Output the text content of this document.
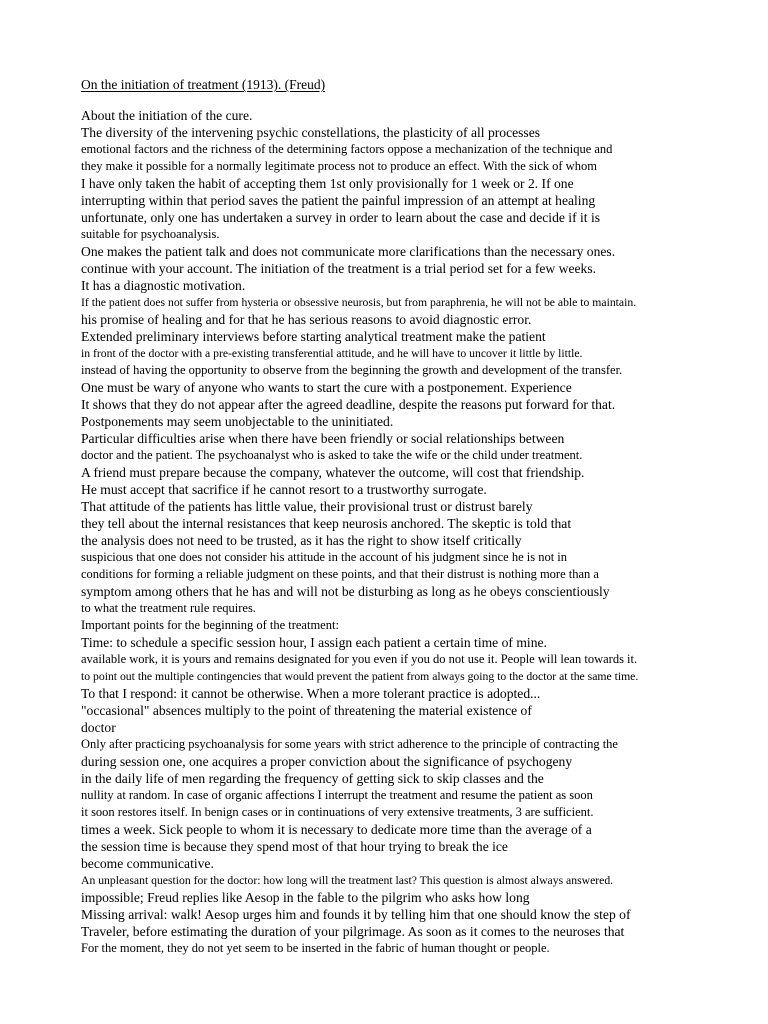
On the initiation of treatment (1913). (Freud)

About the initiation of the cure.
The diversity of the intervening psychic constellations, the plasticity of all processes
emotional factors and the richness of the determining factors oppose a mechanization of the technique and
they make it possible for a normally legitimate process not to produce an effect. With the sick of whom
I have only taken the habit of accepting them 1st only provisionally for 1 week or 2. If one
interrupting within that period saves the patient the painful impression of an attempt at healing
unfortunate, only one has undertaken a survey in order to learn about the case and decide if it is
suitable for psychoanalysis.
One makes the patient talk and does not communicate more clarifications than the necessary ones.
continue with your account. The initiation of the treatment is a trial period set for a few weeks.
It has a diagnostic motivation.
If the patient does not suffer from hysteria or obsessive neurosis, but from paraphrenia, he will not be able to maintain.
his promise of healing and for that he has serious reasons to avoid diagnostic error.
Extended preliminary interviews before starting analytical treatment make the patient
in front of the doctor with a pre-existing transferential attitude, and he will have to uncover it little by little.
instead of having the opportunity to observe from the beginning the growth and development of the transfer.
One must be wary of anyone who wants to start the cure with a postponement. Experience
It shows that they do not appear after the agreed deadline, despite the reasons put forward for that.
Postponements may seem unobjectable to the uninitiated.
Particular difficulties arise when there have been friendly or social relationships between
doctor and the patient. The psychoanalyst who is asked to take the wife or the child under treatment.
A friend must prepare because the company, whatever the outcome, will cost that friendship.
He must accept that sacrifice if he cannot resort to a trustworthy surrogate.
That attitude of the patients has little value, their provisional trust or distrust barely
they tell about the internal resistances that keep neurosis anchored. The skeptic is told that
the analysis does not need to be trusted, as it has the right to show itself critically
suspicious that one does not consider his attitude in the account of his judgment since he is not in
conditions for forming a reliable judgment on these points, and that their distrust is nothing more than a
symptom among others that he has and will not be disturbing as long as he obeys conscientiously
to what the treatment rule requires.
Important points for the beginning of the treatment:
Time: to schedule a specific session hour, I assign each patient a certain time of mine.
available work, it is yours and remains designated for you even if you do not use it. People will lean towards it.
to point out the multiple contingencies that would prevent the patient from always going to the doctor at the same time.
To that I respond: it cannot be otherwise. When a more tolerant practice is adopted...
"occasional" absences multiply to the point of threatening the material existence of
doctor
Only after practicing psychoanalysis for some years with strict adherence to the principle of contracting the
during session one, one acquires a proper conviction about the significance of psychogeny
in the daily life of men regarding the frequency of getting sick to skip classes and the
nullity at random. In case of organic affections I interrupt the treatment and resume the patient as soon
it soon restores itself. In benign cases or in continuations of very extensive treatments, 3 are sufficient.
times a week. Sick people to whom it is necessary to dedicate more time than the average of a
the session time is because they spend most of that hour trying to break the ice
become communicative.
An unpleasant question for the doctor: how long will the treatment last? This question is almost always answered.
impossible; Freud replies like Aesop in the fable to the pilgrim who asks how long
Missing arrival: walk! Aesop urges him and founds it by telling him that one should know the step of
Traveler, before estimating the duration of your pilgrimage. As soon as it comes to the neuroses that
For the moment, they do not yet seem to be inserted in the fabric of human thought or people.
